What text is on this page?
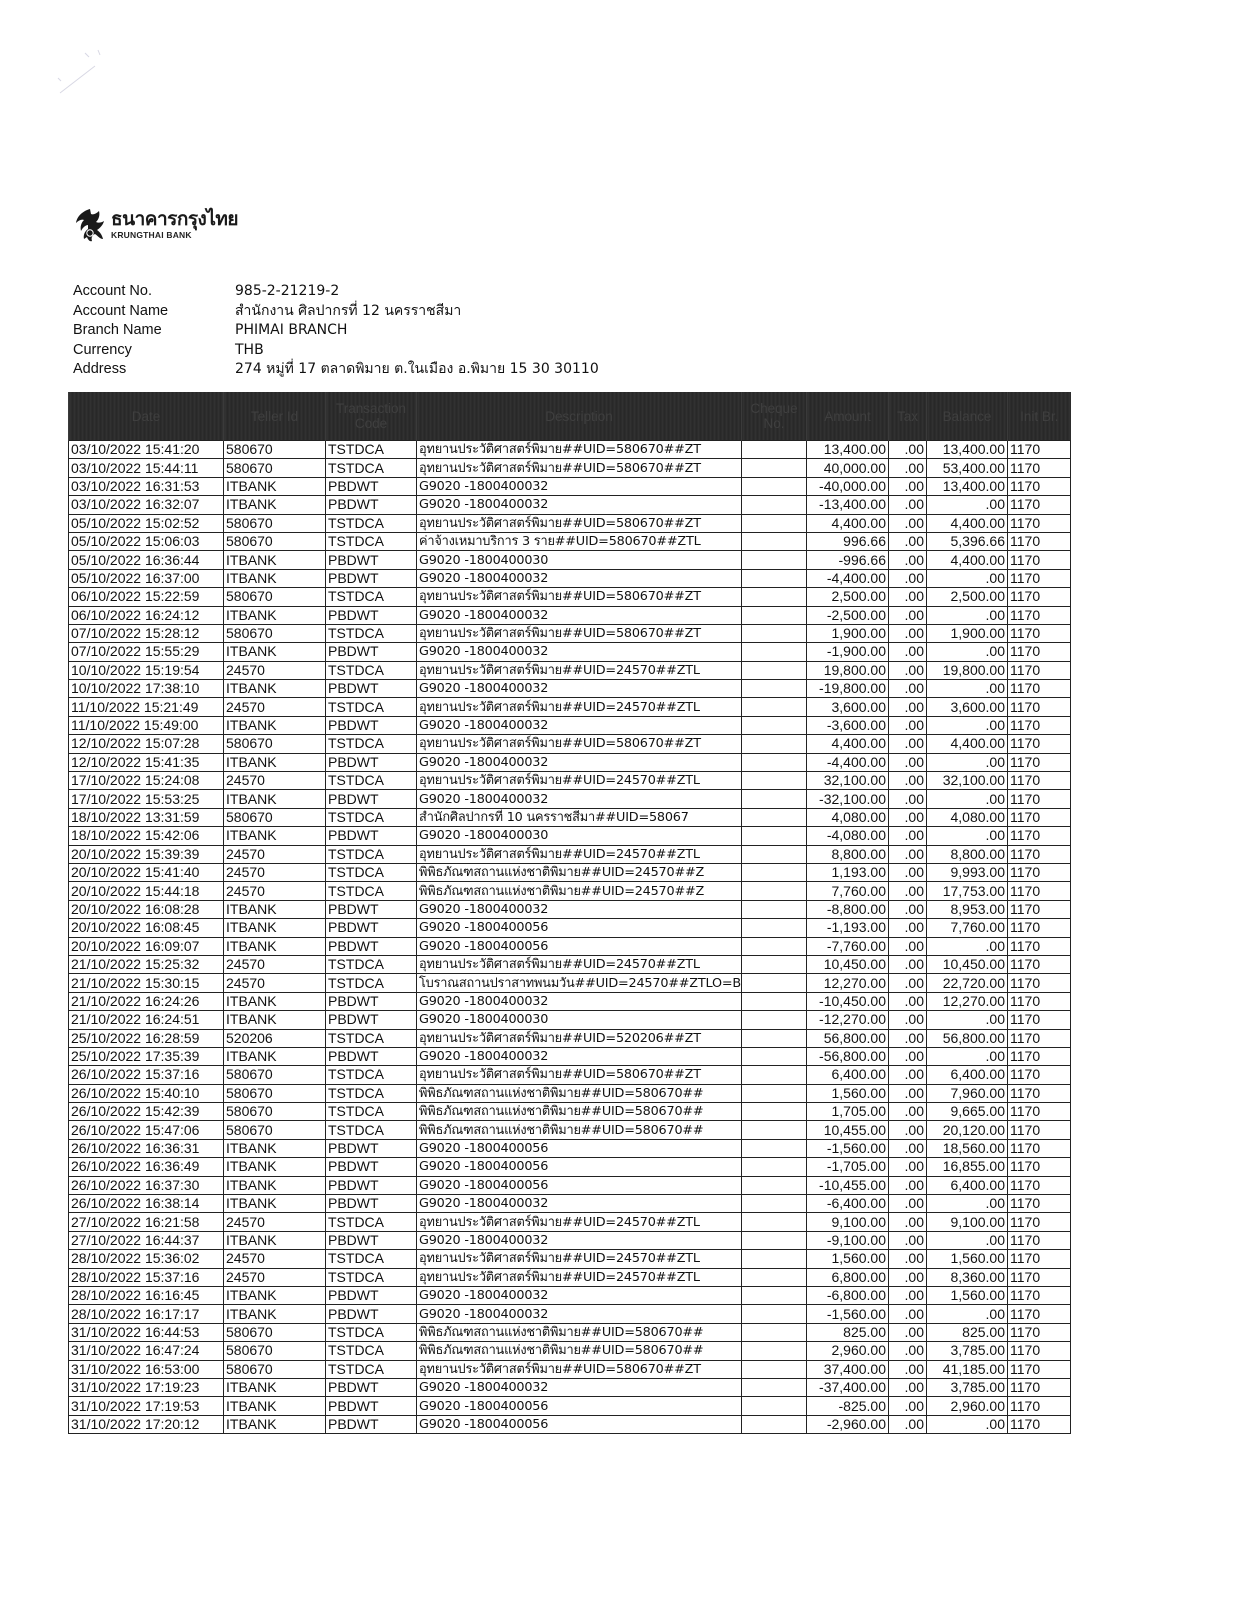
ธนาคารกรุงไทย
KRUNGTHAI BANK
Account No.	985-2-21219-2
Account Name	สำนักงาน ศิลปากรที่ 12 นครราชสีมา
Branch Name	PHIMAI BRANCH
Currency	THB
Address	274 หมู่ที่ 17 ตลาดพิมาย ต.ในเมือง อ.พิมาย 15 30 30110
Date	Teller Id	Transaction Code	Description	Cheque No.	Amount	Tax	Balance	Init Br.
03/10/2022 15:41:20	580670	TSTDCA	อุทยานประวัติศาสตร์พิมาย##UID=580670##ZT		13,400.00	.00	13,400.00	1170
03/10/2022 15:44:11	580670	TSTDCA	อุทยานประวัติศาสตร์พิมาย##UID=580670##ZT		40,000.00	.00	53,400.00	1170
03/10/2022 16:31:53	ITBANK	PBDWT	G9020 -1800400032		-40,000.00	.00	13,400.00	1170
03/10/2022 16:32:07	ITBANK	PBDWT	G9020 -1800400032		-13,400.00	.00	.00	1170
05/10/2022 15:02:52	580670	TSTDCA	อุทยานประวัติศาสตร์พิมาย##UID=580670##ZT		4,400.00	.00	4,400.00	1170
05/10/2022 15:06:03	580670	TSTDCA	ค่าจ้างเหมาบริการ 3 ราย##UID=580670##ZTL		996.66	.00	5,396.66	1170
05/10/2022 16:36:44	ITBANK	PBDWT	G9020 -1800400030		-996.66	.00	4,400.00	1170
05/10/2022 16:37:00	ITBANK	PBDWT	G9020 -1800400032		-4,400.00	.00	.00	1170
06/10/2022 15:22:59	580670	TSTDCA	อุทยานประวัติศาสตร์พิมาย##UID=580670##ZT		2,500.00	.00	2,500.00	1170
06/10/2022 16:24:12	ITBANK	PBDWT	G9020 -1800400032		-2,500.00	.00	.00	1170
07/10/2022 15:28:12	580670	TSTDCA	อุทยานประวัติศาสตร์พิมาย##UID=580670##ZT		1,900.00	.00	1,900.00	1170
07/10/2022 15:55:29	ITBANK	PBDWT	G9020 -1800400032		-1,900.00	.00	.00	1170
10/10/2022 15:19:54	24570	TSTDCA	อุทยานประวัติศาสตร์พิมาย##UID=24570##ZTL		19,800.00	.00	19,800.00	1170
10/10/2022 17:38:10	ITBANK	PBDWT	G9020 -1800400032		-19,800.00	.00	.00	1170
11/10/2022 15:21:49	24570	TSTDCA	อุทยานประวัติศาสตร์พิมาย##UID=24570##ZTL		3,600.00	.00	3,600.00	1170
11/10/2022 15:49:00	ITBANK	PBDWT	G9020 -1800400032		-3,600.00	.00	.00	1170
12/10/2022 15:07:28	580670	TSTDCA	อุทยานประวัติศาสตร์พิมาย##UID=580670##ZT		4,400.00	.00	4,400.00	1170
12/10/2022 15:41:35	ITBANK	PBDWT	G9020 -1800400032		-4,400.00	.00	.00	1170
17/10/2022 15:24:08	24570	TSTDCA	อุทยานประวัติศาสตร์พิมาย##UID=24570##ZTL		32,100.00	.00	32,100.00	1170
17/10/2022 15:53:25	ITBANK	PBDWT	G9020 -1800400032		-32,100.00	.00	.00	1170
18/10/2022 13:31:59	580670	TSTDCA	สำนักศิลปากรที่ 10 นครราชสีมา##UID=58067		4,080.00	.00	4,080.00	1170
18/10/2022 15:42:06	ITBANK	PBDWT	G9020 -1800400030		-4,080.00	.00	.00	1170
20/10/2022 15:39:39	24570	TSTDCA	อุทยานประวัติศาสตร์พิมาย##UID=24570##ZTL		8,800.00	.00	8,800.00	1170
20/10/2022 15:41:40	24570	TSTDCA	พิพิธภัณฑสถานแห่งชาติพิมาย##UID=24570##Z		1,193.00	.00	9,993.00	1170
20/10/2022 15:44:18	24570	TSTDCA	พิพิธภัณฑสถานแห่งชาติพิมาย##UID=24570##Z		7,760.00	.00	17,753.00	1170
20/10/2022 16:08:28	ITBANK	PBDWT	G9020 -1800400032		-8,800.00	.00	8,953.00	1170
20/10/2022 16:08:45	ITBANK	PBDWT	G9020 -1800400056		-1,193.00	.00	7,760.00	1170
20/10/2022 16:09:07	ITBANK	PBDWT	G9020 -1800400056		-7,760.00	.00	.00	1170
21/10/2022 15:25:32	24570	TSTDCA	อุทยานประวัติศาสตร์พิมาย##UID=24570##ZTL		10,450.00	.00	10,450.00	1170
21/10/2022 15:30:15	24570	TSTDCA	โบราณสถานปราสาทพนมวัน##UID=24570##ZTLO=B		12,270.00	.00	22,720.00	1170
21/10/2022 16:24:26	ITBANK	PBDWT	G9020 -1800400032		-10,450.00	.00	12,270.00	1170
21/10/2022 16:24:51	ITBANK	PBDWT	G9020 -1800400030		-12,270.00	.00	.00	1170
25/10/2022 16:28:59	520206	TSTDCA	อุทยานประวัติศาสตร์พิมาย##UID=520206##ZT		56,800.00	.00	56,800.00	1170
25/10/2022 17:35:39	ITBANK	PBDWT	G9020 -1800400032		-56,800.00	.00	.00	1170
26/10/2022 15:37:16	580670	TSTDCA	อุทยานประวัติศาสตร์พิมาย##UID=580670##ZT		6,400.00	.00	6,400.00	1170
26/10/2022 15:40:10	580670	TSTDCA	พิพิธภัณฑสถานแห่งชาติพิมาย##UID=580670##		1,560.00	.00	7,960.00	1170
26/10/2022 15:42:39	580670	TSTDCA	พิพิธภัณฑสถานแห่งชาติพิมาย##UID=580670##		1,705.00	.00	9,665.00	1170
26/10/2022 15:47:06	580670	TSTDCA	พิพิธภัณฑสถานแห่งชาติพิมาย##UID=580670##		10,455.00	.00	20,120.00	1170
26/10/2022 16:36:31	ITBANK	PBDWT	G9020 -1800400056		-1,560.00	.00	18,560.00	1170
26/10/2022 16:36:49	ITBANK	PBDWT	G9020 -1800400056		-1,705.00	.00	16,855.00	1170
26/10/2022 16:37:30	ITBANK	PBDWT	G9020 -1800400056		-10,455.00	.00	6,400.00	1170
26/10/2022 16:38:14	ITBANK	PBDWT	G9020 -1800400032		-6,400.00	.00	.00	1170
27/10/2022 16:21:58	24570	TSTDCA	อุทยานประวัติศาสตร์พิมาย##UID=24570##ZTL		9,100.00	.00	9,100.00	1170
27/10/2022 16:44:37	ITBANK	PBDWT	G9020 -1800400032		-9,100.00	.00	.00	1170
28/10/2022 15:36:02	24570	TSTDCA	อุทยานประวัติศาสตร์พิมาย##UID=24570##ZTL		1,560.00	.00	1,560.00	1170
28/10/2022 15:37:16	24570	TSTDCA	อุทยานประวัติศาสตร์พิมาย##UID=24570##ZTL		6,800.00	.00	8,360.00	1170
28/10/2022 16:16:45	ITBANK	PBDWT	G9020 -1800400032		-6,800.00	.00	1,560.00	1170
28/10/2022 16:17:17	ITBANK	PBDWT	G9020 -1800400032		-1,560.00	.00	.00	1170
31/10/2022 16:44:53	580670	TSTDCA	พิพิธภัณฑสถานแห่งชาติพิมาย##UID=580670##		825.00	.00	825.00	1170
31/10/2022 16:47:24	580670	TSTDCA	พิพิธภัณฑสถานแห่งชาติพิมาย##UID=580670##		2,960.00	.00	3,785.00	1170
31/10/2022 16:53:00	580670	TSTDCA	อุทยานประวัติศาสตร์พิมาย##UID=580670##ZT		37,400.00	.00	41,185.00	1170
31/10/2022 17:19:23	ITBANK	PBDWT	G9020 -1800400032		-37,400.00	.00	3,785.00	1170
31/10/2022 17:19:53	ITBANK	PBDWT	G9020 -1800400056		-825.00	.00	2,960.00	1170
31/10/2022 17:20:12	ITBANK	PBDWT	G9020 -1800400056		-2,960.00	.00	.00	1170
